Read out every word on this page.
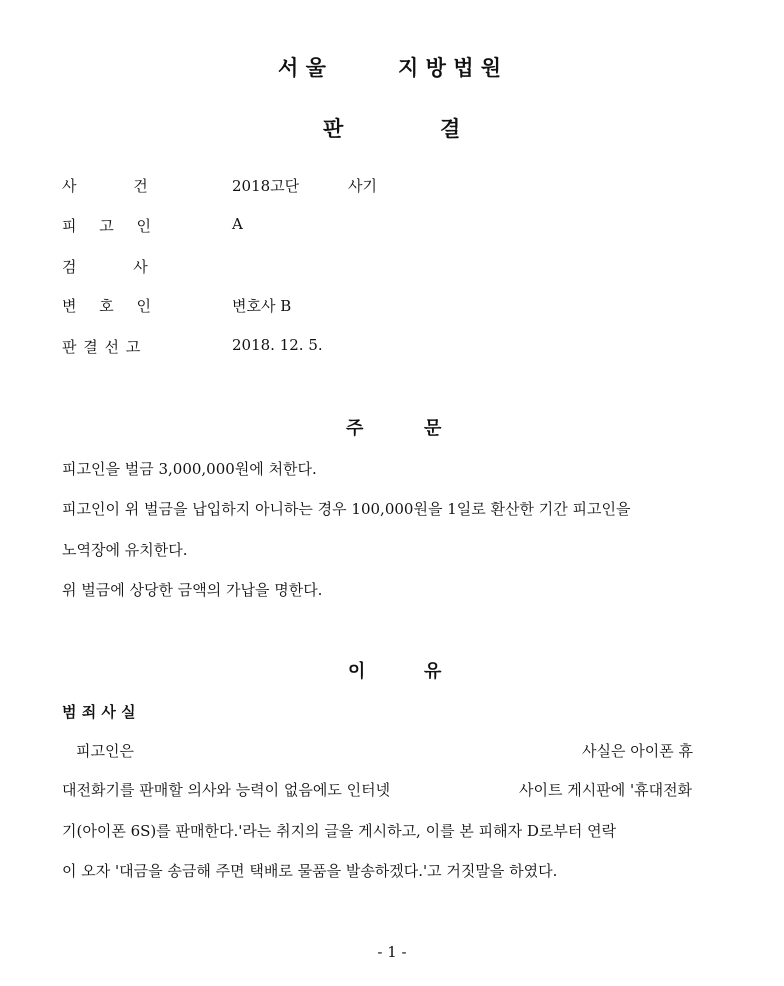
서 울	지 방 법 원
판	결
사 건	2018고단	사기
피 고 인	A
검 사
변 호 인	변호사 B
판 결 선 고	2018. 12. 5.
주	문
피고인을 벌금 3,000,000원에 처한다.
피고인이 위 벌금을 납입하지 아니하는 경우 100,000원을 1일로 환산한 기간 피고인을
노역장에 유치한다.
위 벌금에 상당한 금액의 가납을 명한다.
이	유
범 죄 사 실
피고인은	사실은 아이폰 휴
대전화기를 판매할 의사와 능력이 없음에도 인터넷	사이트 게시판에 '휴대전화
기(아이폰 6S)를 판매한다.'라는 취지의 글을 게시하고, 이를 본 피해자 D로부터 연락
이 오자 '대금을 송금해 주면 택배로 물품을 발송하겠다.'고 거짓말을 하였다.
- 1 -
